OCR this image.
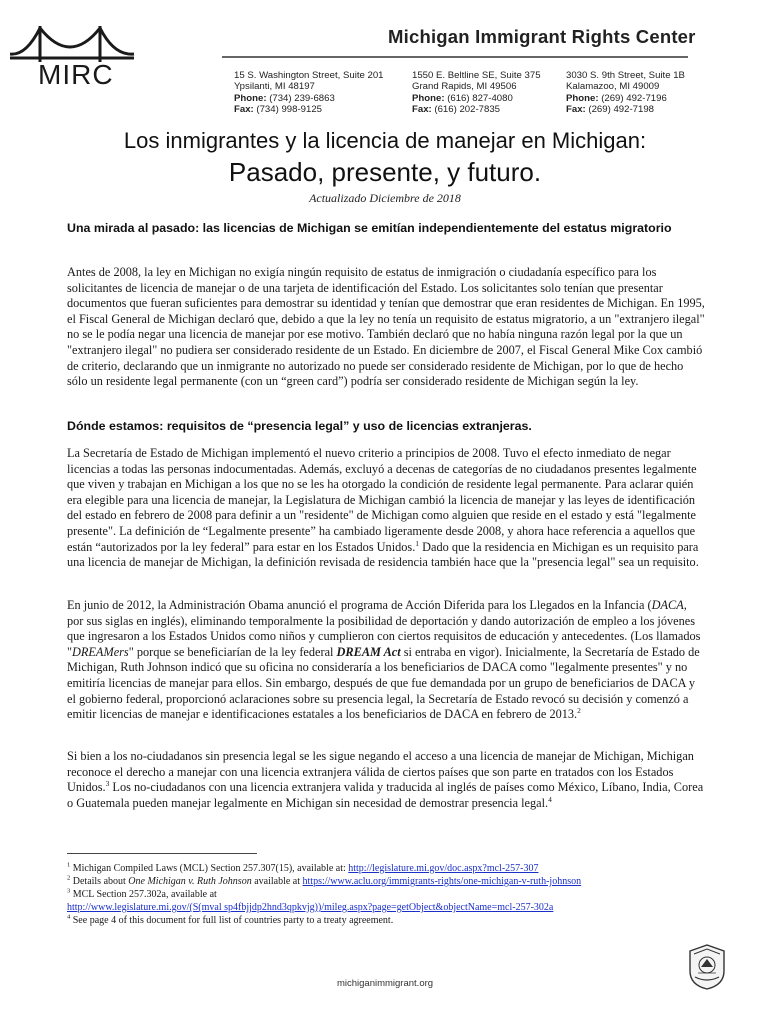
MIRC
Michigan Immigrant Rights Center
15 S. Washington Street, Suite 201
Ypsilanti, MI 48197
Phone: (734) 239-6863
Fax: (734) 998-9125
1550 E. Beltline SE, Suite 375
Grand Rapids, MI 49506
Phone: (616) 827-4080
Fax: (616) 202-7835
3030 S. 9th Street, Suite 1B
Kalamazoo, MI 49009
Phone: (269) 492-7196
Fax: (269) 492-7198
Los inmigrantes y la licencia de manejar en Michigan:
Pasado, presente, y futuro.
Actualizado Diciembre de 2018
Una mirada al pasado: las licencias de Michigan se emitían independientemente del estatus migratorio
Antes de 2008, la ley en Michigan no exigía ningún requisito de estatus de inmigración o ciudadanía específico para los solicitantes de licencia de manejar o de una tarjeta de identificación del Estado. Los solicitantes solo tenían que presentar documentos que fueran suficientes para demostrar su identidad y tenían que demostrar que eran residentes de Michigan. En 1995, el Fiscal General de Michigan declaró que, debido a que la ley no tenía un requisito de estatus migratorio, a un "extranjero ilegal" no se le podía negar una licencia de manejar por ese motivo. También declaró que no había ninguna razón legal por la que un "extranjero ilegal" no pudiera ser considerado residente de un Estado. En diciembre de 2007, el Fiscal General Mike Cox cambió de criterio, declarando que un inmigrante no autorizado no puede ser considerado residente de Michigan, por lo que de hecho sólo un residente legal permanente (con un “green card”) podría ser considerado residente de Michigan según la ley.
Dónde estamos: requisitos de “presencia legal” y uso de licencias extranjeras.
La Secretaría de Estado de Michigan implementó el nuevo criterio a principios de 2008. Tuvo el efecto inmediato de negar licencias a todas las personas indocumentadas. Además, excluyó a decenas de categorías de no ciudadanos presentes legalmente que viven y trabajan en Michigan a los que no se les ha otorgado la condición de residente legal permanente. Para aclarar quién era elegible para una licencia de manejar, la Legislatura de Michigan cambió la licencia de manejar y las leyes de identificación del estado en febrero de 2008 para definir a un "residente" de Michigan como alguien que reside en el estado y está "legalmente presente". La definición de “Legalmente presente” ha cambiado ligeramente desde 2008, y ahora hace referencia a aquellos que están “autorizados por la ley federal” para estar en los Estados Unidos.$^1$ Dado que la residencia en Michigan es un requisito para una licencia de manejar de Michigan, la definición revisada de residencia también hace que la "presencia legal" sea un requisito.
En junio de 2012, la Administración Obama anunció el programa de Acción Diferida para los Llegados en la Infancia (DACA, por sus siglas en inglés), eliminando temporalmente la posibilidad de deportación y dando autorización de empleo a los jóvenes que ingresaron a los Estados Unidos como niños y cumplieron con ciertos requisitos de educación y antecedentes. (Los llamados "DREAMers" porque se beneficiarían de la ley federal DREAM Act si entraba en vigor). Inicialmente, la Secretaría de Estado de Michigan, Ruth Johnson indicó que su oficina no consideraría a los beneficiarios de DACA como "legalmente presentes" y no emitiría licencias de manejar para ellos. Sin embargo, después de que fue demandada por un grupo de beneficiarios de DACA y el gobierno federal, proporcionó aclaraciones sobre su presencia legal, la Secretaría de Estado revocó su decisión y comenzó a emitir licencias de manejar e identificaciones estatales a los beneficiarios de DACA en febrero de 2013.$^2$
Si bien a los no-ciudadanos sin presencia legal se les sigue negando el acceso a una licencia de manejar de Michigan, Michigan reconoce el derecho a manejar con una licencia extranjera válida de ciertos países que son parte en tratados con los Estados Unidos.$^3$ Los no-ciudadanos con una licencia extranjera valida y traducida al inglés de países como México, Líbano, India, Corea o Guatemala pueden manejar legalmente en Michigan sin necesidad de demostrar presencia legal.$^4$
$^1$ Michigan Compiled Laws (MCL) Section 257.307(15), available at: http://legislature.mi.gov/doc.aspx?mcl-257-307
$^2$ Details about One Michigan v. Ruth Johnson available at https://www.aclu.org/immigrants-rights/one-michigan-v-ruth-johnson
$^3$ MCL Section 257.302a, available at
http://www.legislature.mi.gov/(S(mval sp4fbjjdp2hnd3qpkvjg))/mileg.aspx?page=getObject&objectName=mcl-257-302a
$^4$ See page 4 of this document for full list of countries party to a treaty agreement.
michiganimmigrant.org
